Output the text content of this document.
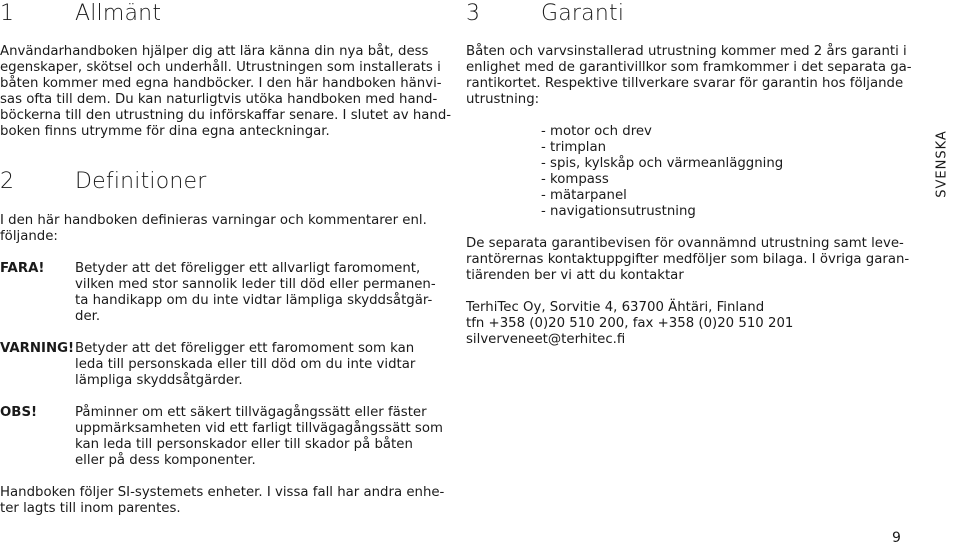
1	Allmänt
Användarhandboken hjälper dig att lära känna din nya båt, dess
egenskaper, skötsel och underhåll. Utrustningen som installerats i
båten kommer med egna handböcker. I den här handboken hänvi-
sas ofta till dem. Du kan naturligtvis utöka handboken med hand-
böckerna till den utrustning du införskaffar senare. I slutet av hand-
boken finns utrymme för dina egna anteckningar.
2	Definitioner
I den här handboken definieras varningar och kommentarer enl.
följande:
FARA! Betyder att det föreligger ett allvarligt faromoment,
vilken med stor sannolik leder till död eller permanen-
ta handikapp om du inte vidtar lämpliga skyddsåtgär-
der.
VARNING! Betyder att det föreligger ett faromoment som kan
leda till personskada eller till död om du inte vidtar
lämpliga skyddsåtgärder.
OBS!	Påminner om ett säkert tillvägagångssätt eller fäster
uppmärksamheten vid ett farligt tillvägagångssätt som
kan leda till personskador eller till skador på båten
eller på dess komponenter.
Handboken följer SI-systemets enheter. I vissa fall har andra enhe-
ter lagts till inom parentes.
3	Garanti
Båten och varvsinstallerad utrustning kommer med 2 års garanti i
enlighet med de garantivillkor som framkommer i det separata ga-
rantikortet. Respektive tillverkare svarar för garantin hos följande
utrustning:
- motor och drev
- trimplan
- spis, kylskåp och värmeanläggning
- kompass
- mätarpanel
- navigationsutrustning
De separata garantibevisen för ovannämnd utrustning samt leve-
rantörernas kontaktuppgifter medföljer som bilaga. I övriga garan-
tiärenden ber vi att du kontaktar
TerhiTec Oy, Sorvitie 4, 63700 Ähtäri, Finland
tfn +358 (0)20 510 200, fax +358 (0)20 510 201
silverveneet@terhitec.fi
SVENSKA
9
